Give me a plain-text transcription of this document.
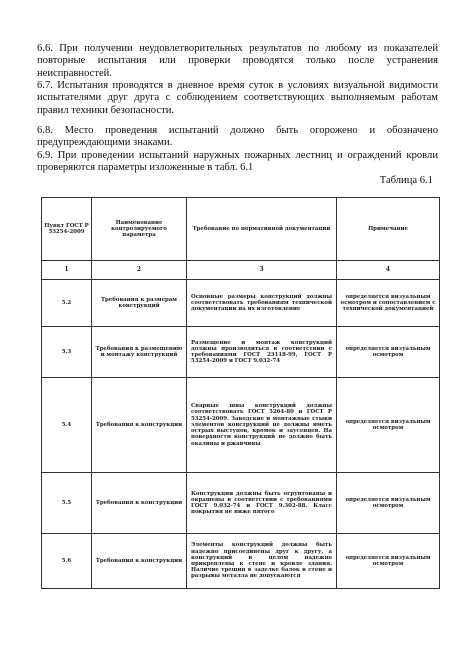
6.6. При получении неудовлетворительных результатов по любому из показателей повторные испытания или проверки проводятся только после устранения неисправностей.

6.7. Испытания проводятся в дневное время суток в условиях визуальной видимости испытателями друг друга с соблюдением соответствующих выполняемым работам правил техники безопасности.

6.8. Место проведения испытаний должно быть огорожено и обозначено предупреждающими знаками.

6.9. При проведении испытаний наружных пожарных лестниц и ограждений кровли проверяются параметры изложенные в табл. 6.1

Таблица 6.1
Пункт ГОСТ Р 53254-2009	Наименование контролируемого параметра	Требование по нормативной документации	Примечание
1	2	3	4
5.2	Требования к размерам конструкций	Основные размеры конструкций должны соответствовать требованиям технической документации на их изготовление	определяется визуальным осмотром и сопоставлением с технической документацией
5.3	Требования к размещению и монтажу конструкций	Размещение и монтаж конструкций должны производиться в соответствии с требованиями ГОСТ 23118-99, ГОСТ Р 53254-2009 и ГОСТ 9.032-74	определяется визуальным осмотром
5.4	Требования к конструкции	Сварные швы конструкций должны соответствовать ГОСТ 5264-80 и ГОСТ Р 53254-2009. Заводские и монтажные стыки элементов конструкций не должны иметь острых выступов, кромок и заусенцев. На поверхности конструкций не должно быть окалины и ржавчины	определяется визуальным осмотром
5.5	Требования к конструкции	Конструкции должны быть огрунтованы и окрашены в соответствии с требованиями ГОСТ 9.032-74 и ГОСТ 9.302-88. Класс покрытия не ниже пятого	определяется визуальным осмотром
5.6	Требования к конструкции	Элементы конструкций должны быть надежно присоединены друг к другу, а конструкций в целом надежно прикреплены к стене и кровле здания. Наличие трещин в заделке балок в стене и разрывы металла не допускаются	определяется визуальным осмотром
